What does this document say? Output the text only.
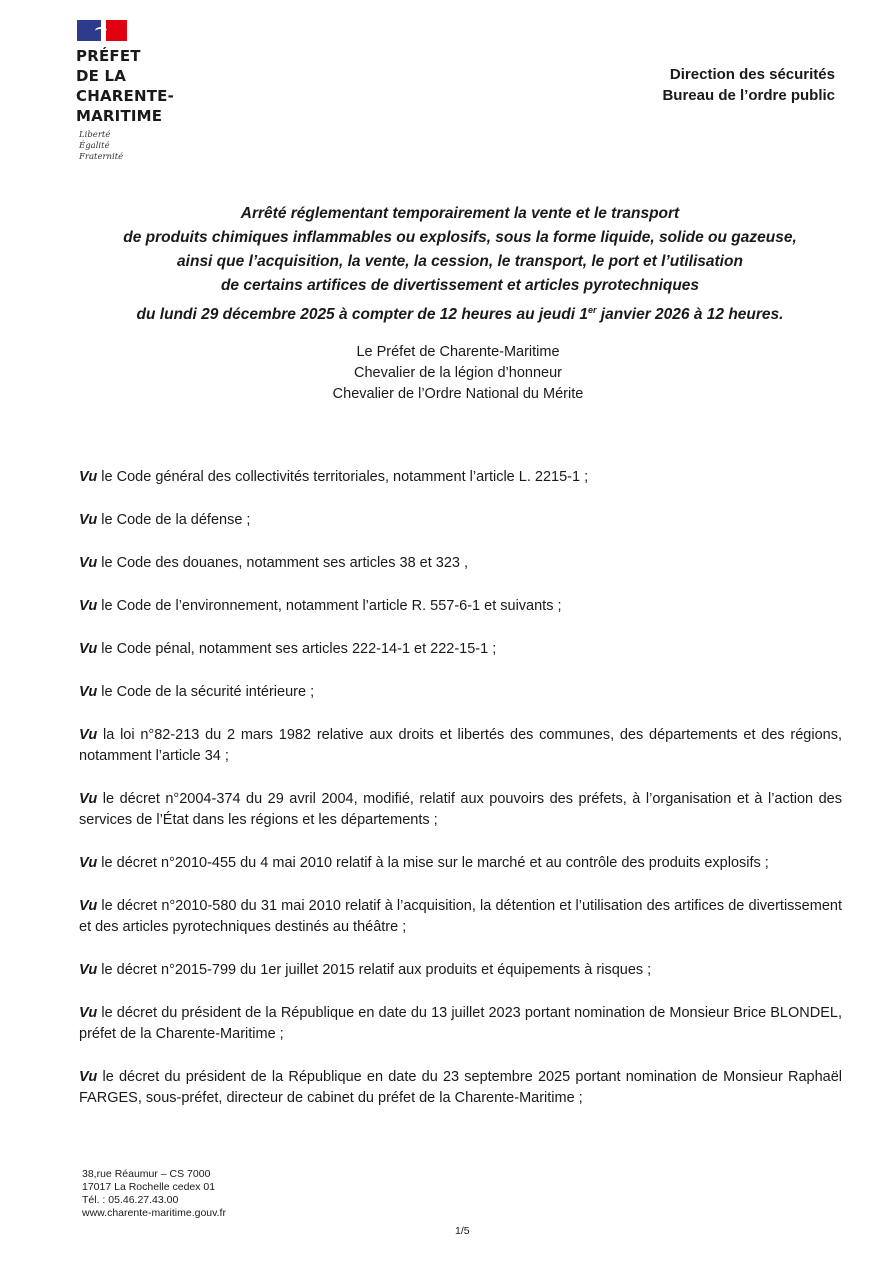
PRÉFET
DE LA
CHARENTE-
MARITIME
Liberté
Égalité
Fraternité
Direction des sécurités
Bureau de l’ordre public
Arrêté réglementant temporairement la vente et le transport
de produits chimiques inflammables ou explosifs, sous la forme liquide, solide ou gazeuse,
ainsi que l’acquisition, la vente, la cession, le transport, le port et l’utilisation
de certains artifices de divertissement et articles pyrotechniques
du lundi 29 décembre 2025 à compter de 12 heures au jeudi 1er janvier 2026 à 12 heures.
Le Préfet de Charente-Maritime
Chevalier de la légion d’honneur
Chevalier de l’Ordre National du Mérite
Vu le Code général des collectivités territoriales, notamment l’article L. 2215-1 ;
Vu le Code de la défense ;
Vu le Code des douanes, notamment ses articles 38 et 323 ,
Vu le Code de l’environnement, notamment l’article R. 557-6-1 et suivants ;
Vu le Code pénal, notamment ses articles 222-14-1 et 222-15-1 ;
Vu le Code de la sécurité intérieure ;
Vu la loi n°82-213 du 2 mars 1982 relative aux droits et libertés des communes, des départements et des régions, notamment l’article 34 ;
Vu le décret n°2004-374 du 29 avril 2004, modifié, relatif aux pouvoirs des préfets, à l’organisation et à l’action des services de l’État dans les régions et les départements ;
Vu le décret n°2010-455 du 4 mai 2010 relatif à la mise sur le marché et au contrôle des produits explosifs ;
Vu le décret n°2010-580 du 31 mai 2010 relatif à l’acquisition, la détention et l’utilisation des artifices de divertissement et des articles pyrotechniques destinés au théâtre ;
Vu le décret n°2015-799 du 1er juillet 2015 relatif aux produits et équipements à risques ;
Vu le décret du président de la République en date du 13 juillet 2023 portant nomination de Monsieur Brice BLONDEL, préfet de la Charente-Maritime ;
Vu le décret du président de la République en date du 23 septembre 2025 portant nomination de Monsieur Raphaël FARGES, sous-préfet, directeur de cabinet du préfet de la Charente-Maritime ;
38,rue Réaumur – CS 7000
17017 La Rochelle cedex 01
Tél. : 05.46.27.43.00
www.charente-maritime.gouv.fr
1/5
